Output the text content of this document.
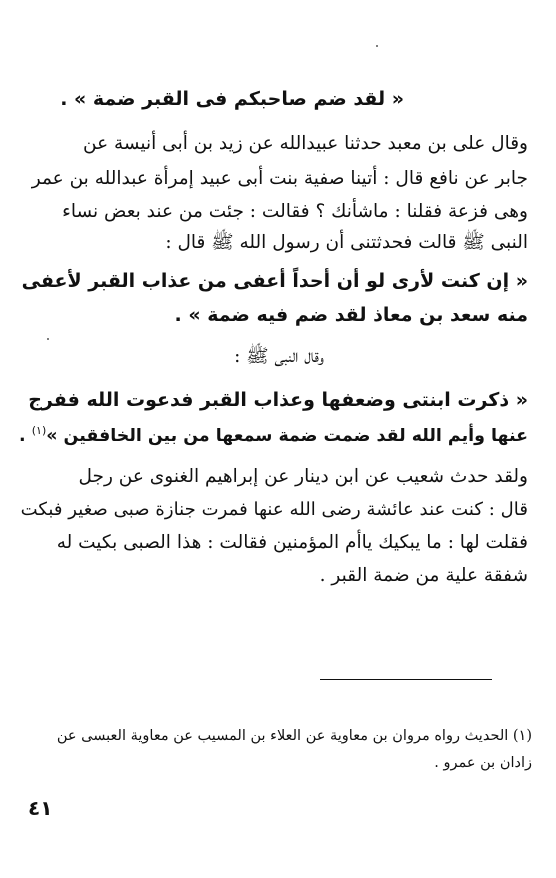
« لقد ضم صاحبكم فى القبر ضمة » .
وقال على بن معبد حدثنا عبيدالله عن زيد بن أبى أنيسة عن
جابر عن نافع قال : أتينا صفية بنت أبى عبيد إمرأة عبدالله بن عمر
وهى فزعة فقلنا : ماشأنك ؟ فقالت : جئت من عند بعض نساء
النبى ﷺ قالت فحدثتنى أن رسول الله ﷺ قال :
« إن كنت لأرى لو أن أحداً أعفى من عذاب القبر لأعفى
منه سعد بن معاذ لقد ضم فيه ضمة » .
وقال النبى ﷺ :
« ذكرت ابنتى وضعفها وعذاب القبر فدعوت الله ففرج
عنها وأيم الله لقد ضمت ضمة سمعها من بين الخافقين »$^{(١)}$ .
ولقد حدث شعيب عن ابن دينار عن إبراهيم الغنوى عن رجل
قال : كنت عند عائشة رضى الله عنها فمرت جنازة صبى صغير فبكت
فقلت لها : ما يبكيك ياأم المؤمنين فقالت : هذا الصبى بكيت له
شفقة علية من ضمة القبر .
(١) الحديث رواه مروان بن معاوية عن العلاء بن المسيب عن معاوية العبسى عن
زادان بن عمرو .
٤١
